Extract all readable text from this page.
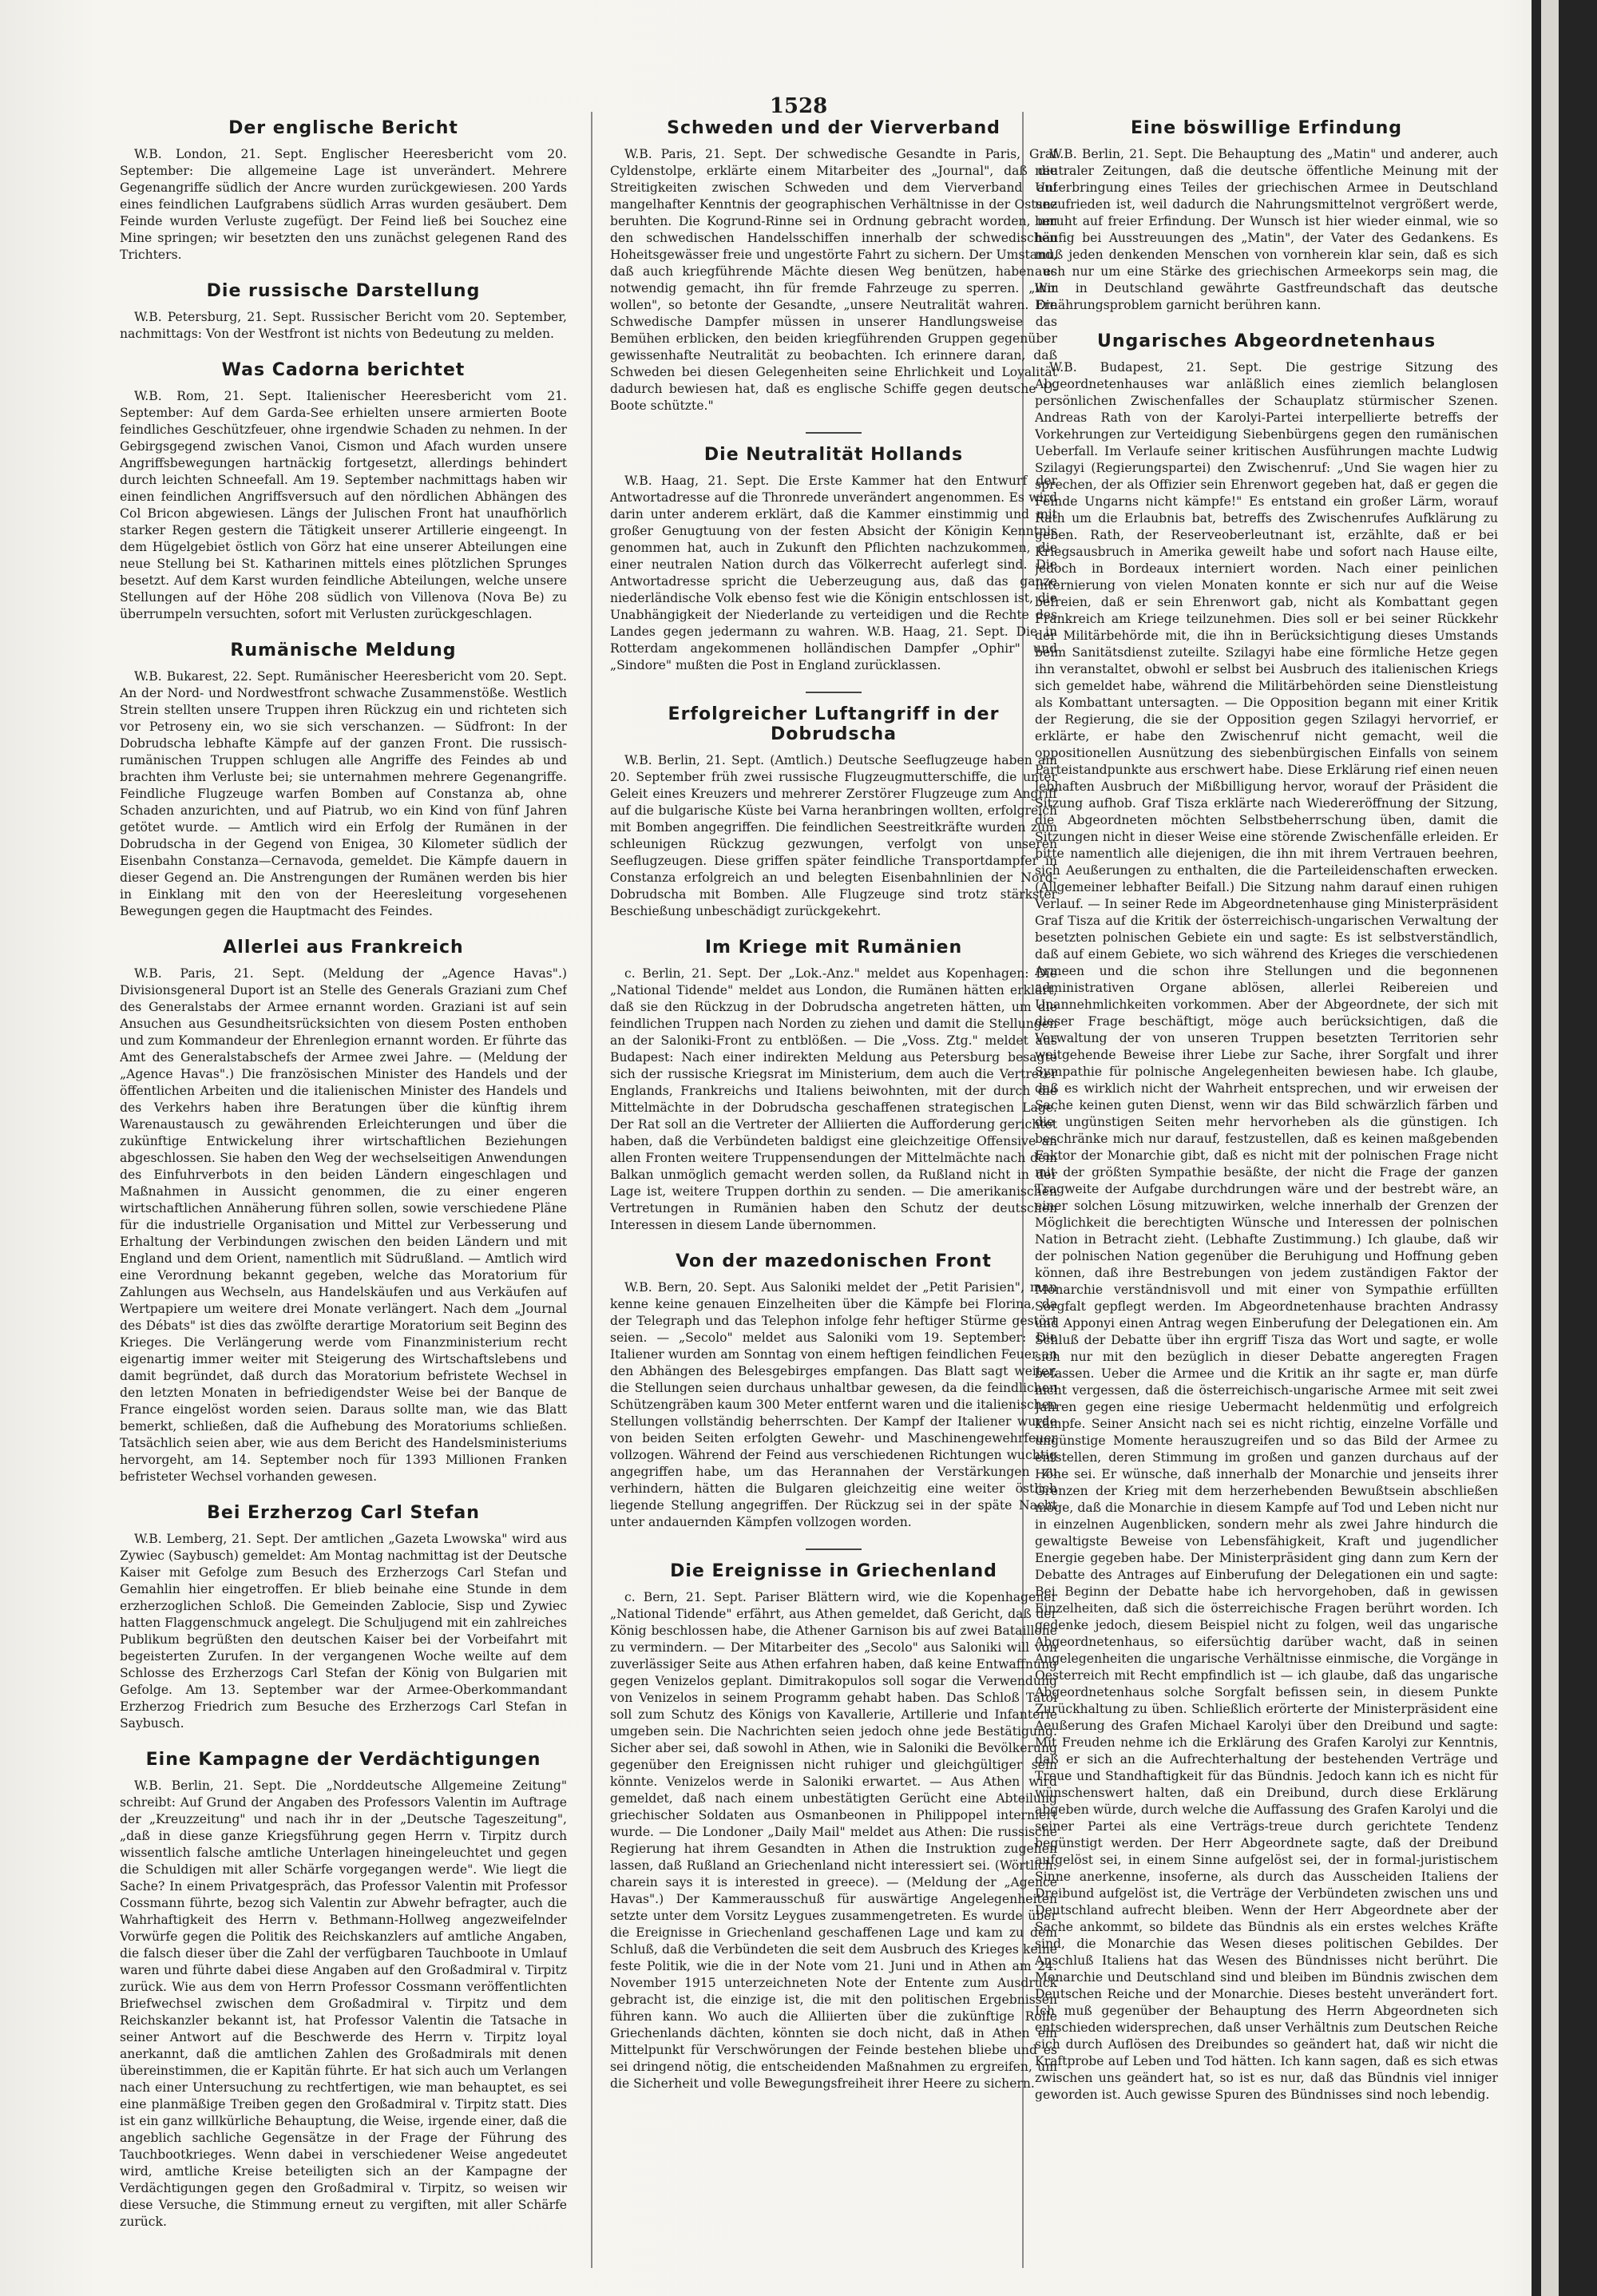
1528
Der englische Bericht

W.B. London, 21. Sept. Englischer Heeresbericht vom 20. September: Die allgemeine Lage ist unverändert. Mehrere Gegenangriffe südlich der Ancre wurden zurückgewiesen. 200 Yards eines feindlichen Laufgrabens südlich Arras wurden gesäubert. Dem Feinde wurden Verluste zugefügt. Der Feind ließ bei Souchez eine Mine springen; wir besetzten den uns zunächst gelegenen Rand des Trichters.

Die russische Darstellung

W.B. Petersburg, 21. Sept. Russischer Bericht vom 20. September, nachmittags: Von der Westfront ist nichts von Bedeutung zu melden.

Was Cadorna berichtet

W.B. Rom, 21. Sept. Italienischer Heeresbericht vom 21. September: Auf dem Garda-See erhielten unsere armierten Boote feindliches Geschützfeuer, ohne irgendwie Schaden zu nehmen. In der Gebirgsgegend zwischen Vanoi, Cismon und Afach wurden unsere Angriffsbewegungen hartnäckig fortgesetzt, allerdings behindert durch leichten Schneefall. Am 19. September nachmittags haben wir einen feindlichen Angriffsversuch auf den nördlichen Abhängen des Col Bricon abgewiesen. Längs der Julischen Front hat unaufhörlich starker Regen gestern die Tätigkeit unserer Artillerie eingeengt. In dem Hügelgebiet östlich von Görz hat eine unserer Abteilungen eine neue Stellung bei St. Katharinen mittels eines plötzlichen Sprunges besetzt. Auf dem Karst wurden feindliche Abteilungen, welche unsere Stellungen auf der Höhe 208 südlich von Villenova (Nova Be) zu überrumpeln versuchten, sofort mit Verlusten zurückgeschlagen.

Rumänische Meldung

W.B. Bukarest, 22. Sept. Rumänischer Heeresbericht vom 20. Sept. An der Nord- und Nordwestfront schwache Zusammenstöße. Westlich Strein stellten unsere Truppen ihren Rückzug ein und richteten sich vor Petroseny ein, wo sie sich verschanzen. — Südfront: In der Dobrudscha lebhafte Kämpfe auf der ganzen Front. Die russisch-rumänischen Truppen schlugen alle Angriffe des Feindes ab und brachten ihm Verluste bei; sie unternahmen mehrere Gegenangriffe. Feindliche Flugzeuge warfen Bomben auf Constanza ab, ohne Schaden anzurichten, und auf Piatrub, wo ein Kind von fünf Jahren getötet wurde. — Amtlich wird ein Erfolg der Rumänen in der Dobrudscha in der Gegend von Enigea, 30 Kilometer südlich der Eisenbahn Constanza—Cernavoda, gemeldet. Die Kämpfe dauern in dieser Gegend an. Die Anstrengungen der Rumänen werden bis hier in Einklang mit den von der Heeresleitung vorgesehenen Bewegungen gegen die Hauptmacht des Feindes.

Allerlei aus Frankreich

W.B. Paris, 21. Sept. (Meldung der „Agence Havas".) Divisionsgeneral Duport ist an Stelle des Generals Graziani zum Chef des Generalstabs der Armee ernannt worden. Graziani ist auf sein Ansuchen aus Gesundheitsrücksichten von diesem Posten enthoben und zum Kommandeur der Ehrenlegion ernannt worden. Er führte das Amt des Generalstabschefs der Armee zwei Jahre. — (Meldung der „Agence Havas".) Die französischen Minister des Handels und der öffentlichen Arbeiten und die italienischen Minister des Handels und des Verkehrs haben ihre Beratungen über die künftig ihrem Warenaustausch zu gewährenden Erleichterungen und über die zukünftige Entwickelung ihrer wirtschaftlichen Beziehungen abgeschlossen. Sie haben den Weg der wechselseitigen Anwendungen des Einfuhrverbots in den beiden Ländern eingeschlagen und Maßnahmen in Aussicht genommen, die zu einer engeren wirtschaftlichen Annäherung führen sollen, sowie verschiedene Pläne für die industrielle Organisation und Mittel zur Verbesserung und Erhaltung der Verbindungen zwischen den beiden Ländern und mit England und dem Orient, namentlich mit Südrußland. — Amtlich wird eine Verordnung bekannt gegeben, welche das Moratorium für Zahlungen aus Wechseln, aus Handelskäufen und aus Verkäufen auf Wertpapiere um weitere drei Monate verlängert. Nach dem „Journal des Débats" ist dies das zwölfte derartige Moratorium seit Beginn des Krieges. Die Verlängerung werde vom Finanzministerium recht eigenartig immer weiter mit Steigerung des Wirtschaftslebens und damit begründet, daß durch das Moratorium befristete Wechsel in den letzten Monaten in befriedigendster Weise bei der Banque de France eingelöst worden seien. Daraus sollte man, wie das Blatt bemerkt, schließen, daß die Aufhebung des Moratoriums schließen. Tatsächlich seien aber, wie aus dem Bericht des Handelsministeriums hervorgeht, am 14. September noch für 1393 Millionen Franken befristeter Wechsel vorhanden gewesen.

Bei Erzherzog Carl Stefan

W.B. Lemberg, 21. Sept. Der amtlichen „Gazeta Lwowska" wird aus Zywiec (Saybusch) gemeldet: Am Montag nachmittag ist der Deutsche Kaiser mit Gefolge zum Besuch des Erzherzogs Carl Stefan und Gemahlin hier eingetroffen. Er blieb beinahe eine Stunde in dem erzherzoglichen Schloß. Die Gemeinden Zablocie, Sisp und Zywiec hatten Flaggenschmuck angelegt. Die Schuljugend mit ein zahlreiches Publikum begrüßten den deutschen Kaiser bei der Vorbeifahrt mit begeisterten Zurufen. In der vergangenen Woche weilte auf dem Schlosse des Erzherzogs Carl Stefan der König von Bulgarien mit Gefolge. Am 13. September war der Armee-Oberkommandant Erzherzog Friedrich zum Besuche des Erzherzogs Carl Stefan in Saybusch.

Eine Kampagne der Verdächtigungen

W.B. Berlin, 21. Sept. Die „Norddeutsche Allgemeine Zeitung" schreibt: Auf Grund der Angaben des Professors Valentin im Auftrage der „Kreuzzeitung" und nach ihr in der „Deutsche Tageszeitung", „daß in diese ganze Kriegsführung gegen Herrn v. Tirpitz durch wissentlich falsche amtliche Unterlagen hineingeleuchtet und gegen die Schuldigen mit aller Schärfe vorgegangen werde". Wie liegt die Sache? In einem Privatgespräch, das Professor Valentin mit Professor Cossmann führte, bezog sich Valentin zur Abwehr befragter, auch die Wahrhaftigkeit des Herrn v. Bethmann-Hollweg angezweifelnder Vorwürfe gegen die Politik des Reichskanzlers auf amtliche Angaben, die falsch dieser über die Zahl der verfügbaren Tauchboote in Umlauf waren und führte dabei diese Angaben auf den Großadmiral v. Tirpitz zurück. Wie aus dem von Herrn Professor Cossmann veröffentlichten Briefwechsel zwischen dem Großadmiral v. Tirpitz und dem Reichskanzler bekannt ist, hat Professor Valentin die Tatsache in seiner Antwort auf die Beschwerde des Herrn v. Tirpitz loyal anerkannt, daß die amtlichen Zahlen des Großadmirals mit denen übereinstimmen, die er Kapitän führte. Er hat sich auch um Verlangen nach einer Untersuchung zu rechtfertigen, wie man behauptet, es sei eine planmäßige Treiben gegen den Großadmiral v. Tirpitz statt. Dies ist ein ganz willkürliche Behauptung, die Weise, irgende einer, daß die angeblich sachliche Gegensätze in der Frage der Führung des Tauchbootkrieges. Wenn dabei in verschiedener Weise angedeutet wird, amtliche Kreise beteiligten sich an der Kampagne der Verdächtigungen gegen den Großadmiral v. Tirpitz, so weisen wir diese Versuche, die Stimmung erneut zu vergiften, mit aller Schärfe zurück.

Schweden und der Vierverband

W.B. Paris, 21. Sept. Der schwedische Gesandte in Paris, Graf Cyldenstolpe, erklärte einem Mitarbeiter des „Journal", daß die Streitigkeiten zwischen Schweden und dem Vierverband auf mangelhafter Kenntnis der geographischen Verhältnisse in der Ostsee beruhten. Die Kogrund-Rinne sei in Ordnung gebracht worden, um den schwedischen Handelsschiffen innerhalb der schwedischen Hoheitsgewässer freie und ungestörte Fahrt zu sichern. Der Umstand, daß auch kriegführende Mächte diesen Weg benützen, haben es notwendig gemacht, ihn für fremde Fahrzeuge zu sperren. „Wir wollen", so betonte der Gesandte, „unsere Neutralität wahren. Die Schwedische Dampfer müssen in unserer Handlungsweise das Bemühen erblicken, den beiden kriegführenden Gruppen gegenüber gewissenhafte Neutralität zu beobachten. Ich erinnere daran, daß Schweden bei diesen Gelegenheiten seine Ehrlichkeit und Loyalität dadurch bewiesen hat, daß es englische Schiffe gegen deutsche U-Boote schützte."

Die Neutralität Hollands

W.B. Haag, 21. Sept. Die Erste Kammer hat den Entwurf der Antwortadresse auf die Thronrede unverändert angenommen. Es wird darin unter anderem erklärt, daß die Kammer einstimmig und mit großer Genugtuung von der festen Absicht der Königin Kenntnis genommen hat, auch in Zukunft den Pflichten nachzukommen, die einer neutralen Nation durch das Völkerrecht auferlegt sind. Die Antwortadresse spricht die Ueberzeugung aus, daß das ganze niederländische Volk ebenso fest wie die Königin entschlossen ist, die Unabhängigkeit der Niederlande zu verteidigen und die Rechte des Landes gegen jedermann zu wahren. W.B. Haag, 21. Sept. Die in Rotterdam angekommenen holländischen Dampfer „Ophir" und „Sindore" mußten die Post in England zurücklassen.

Erfolgreicher Luftangriff in der Dobrudscha

W.B. Berlin, 21. Sept. (Amtlich.) Deutsche Seeflugzeuge haben am 20. September früh zwei russische Flugzeugmutterschiffe, die unter Geleit eines Kreuzers und mehrerer Zerstörer Flugzeuge zum Angriff auf die bulgarische Küste bei Varna heranbringen wollten, erfolgreich mit Bomben angegriffen. Die feindlichen Seestreitkräfte wurden zum schleunigen Rückzug gezwungen, verfolgt von unseren Seeflugzeugen. Diese griffen später feindliche Transportdampfer in Constanza erfolgreich an und belegten Eisenbahnlinien der Nord-Dobrudscha mit Bomben. Alle Flugzeuge sind trotz stärkster Beschießung unbeschädigt zurückgekehrt.

Im Kriege mit Rumänien

c. Berlin, 21. Sept. Der „Lok.-Anz." meldet aus Kopenhagen: Die „National Tidende" meldet aus London, die Rumänen hätten erklärt, daß sie den Rückzug in der Dobrudscha angetreten hätten, um die feindlichen Truppen nach Norden zu ziehen und damit die Stellungen an der Saloniki-Front zu entblößen. — Die „Voss. Ztg." meldet aus Budapest: Nach einer indirekten Meldung aus Petersburg besagte sich der russische Kriegsrat im Ministerium, dem auch die Vertreter Englands, Frankreichs und Italiens beiwohnten, mit der durch die Mittelmächte in der Dobrudscha geschaffenen strategischen Lage. Der Rat soll an die Vertreter der Alliierten die Aufforderung gerichtet haben, daß die Verbündeten baldigst eine gleichzeitige Offensive an allen Fronten weitere Truppensendungen der Mittelmächte nach dem Balkan unmöglich gemacht werden sollen, da Rußland nicht in der Lage ist, weitere Truppen dorthin zu senden. — Die amerikanischen Vertretungen in Rumänien haben den Schutz der deutschen Interessen in diesem Lande übernommen.

Von der mazedonischen Front

W.B. Bern, 20. Sept. Aus Saloniki meldet der „Petit Parisien", man kenne keine genauen Einzelheiten über die Kämpfe bei Florina, da der Telegraph und das Telephon infolge fehr heftiger Stürme gestört seien. — „Secolo" meldet aus Saloniki vom 19. September: Die Italiener wurden am Sonntag von einem heftigen feindlichen Feuer an den Abhängen des Belesgebirges empfangen. Das Blatt sagt weiter, die Stellungen seien durchaus unhaltbar gewesen, da die feindlichen Schützengräben kaum 300 Meter entfernt waren und die italienischen Stellungen vollständig beherrschten. Der Kampf der Italiener wurde von beiden Seiten erfolgten Gewehr- und Maschinengewehrfeuer vollzogen. Während der Feind aus verschiedenen Richtungen wuchtig angegriffen habe, um das Herannahen der Verstärkungen zu verhindern, hätten die Bulgaren gleichzeitig eine weiter östlich liegende Stellung angegriffen. Der Rückzug sei in der späte Nacht unter andauernden Kämpfen vollzogen worden.

Die Ereignisse in Griechenland

c. Bern, 21. Sept. Pariser Blättern wird, wie die Kopenhagener „National Tidende" erfährt, aus Athen gemeldet, daß Gericht, daß der König beschlossen habe, die Athener Garnison bis auf zwei Bataillone zu vermindern. — Der Mitarbeiter des „Secolo" aus Saloniki will von zuverlässiger Seite aus Athen erfahren haben, daß keine Entwaffnung gegen Venizelos geplant. Dimitrakopulos soll sogar die Verwendung von Venizelos in seinem Programm gehabt haben. Das Schloß Tatoi soll zum Schutz des Königs von Kavallerie, Artillerie und Infanterie umgeben sein. Die Nachrichten seien jedoch ohne jede Bestätigung. Sicher aber sei, daß sowohl in Athen, wie in Saloniki die Bevölkerung gegenüber den Ereignissen nicht ruhiger und gleichgültiger sein könnte. Venizelos werde in Saloniki erwartet. — Aus Athen wird gemeldet, daß nach einem unbestätigten Gerücht eine Abteilung griechischer Soldaten aus Osmanbeonen in Philippopel interniert wurde. — Die Londoner „Daily Mail" meldet aus Athen: Die russische Regierung hat ihrem Gesandten in Athen die Instruktion zugehen lassen, daß Rußland an Griechenland nicht interessiert sei. (Wörtlich: charein says it is interested in greece). — (Meldung der „Agence Havas".) Der Kammerausschuß für auswärtige Angelegenheiten setzte unter dem Vorsitz Leygues zusammengetreten. Es wurde über die Ereignisse in Griechenland geschaffenen Lage und kam zu dem Schluß, daß die Verbündeten die seit dem Ausbruch des Krieges keine feste Politik, wie die in der Note vom 21. Juni und in Athen am 24. November 1915 unterzeichneten Note der Entente zum Ausdruck gebracht ist, die einzige ist, die mit den politischen Ergebnissen führen kann. Wo auch die Alliierten über die zukünftige Rolle Griechenlands dächten, könnten sie doch nicht, daß in Athen ein Mittelpunkt für Verschwörungen der Feinde bestehen bliebe und es sei dringend nötig, die entscheidenden Maßnahmen zu ergreifen, um die Sicherheit und volle Bewegungsfreiheit ihrer Heere zu sichern.

Eine böswillige Erfindung

W.B. Berlin, 21. Sept. Die Behauptung des „Matin" und anderer, auch neutraler Zeitungen, daß die deutsche öffentliche Meinung mit der Unterbringung eines Teiles der griechischen Armee in Deutschland unzufrieden ist, weil dadurch die Nahrungsmittelnot vergrößert werde, beruht auf freier Erfindung. Der Wunsch ist hier wieder einmal, wie so häufig bei Ausstreuungen des „Matin", der Vater des Gedankens. Es muß jeden denkenden Menschen von vornherein klar sein, daß es sich auch nur um eine Stärke des griechischen Armeekorps sein mag, die ihm in Deutschland gewährte Gastfreundschaft das deutsche Ernährungsproblem garnicht berühren kann.

Ungarisches Abgeordnetenhaus

W.B. Budapest, 21. Sept. Die gestrige Sitzung des Abgeordnetenhauses war anläßlich eines ziemlich belanglosen persönlichen Zwischenfalles der Schauplatz stürmischer Szenen. Andreas Rath von der Karolyi-Partei interpellierte betreffs der Vorkehrungen zur Verteidigung Siebenbürgens gegen den rumänischen Ueberfall. Im Verlaufe seiner kritischen Ausführungen machte Ludwig Szilagyi (Regierungspartei) den Zwischenruf: „Und Sie wagen hier zu sprechen, der als Offizier sein Ehrenwort gegeben hat, daß er gegen die Feinde Ungarns nicht kämpfe!" Es entstand ein großer Lärm, worauf Rath um die Erlaubnis bat, betreffs des Zwischenrufes Aufklärung zu geben. Rath, der Reserveoberleutnant ist, erzählte, daß er bei Kriegsausbruch in Amerika geweilt habe und sofort nach Hause eilte, jedoch in Bordeaux interniert worden. Nach einer peinlichen Internierung von vielen Monaten konnte er sich nur auf die Weise befreien, daß er sein Ehrenwort gab, nicht als Kombattant gegen Frankreich am Kriege teilzunehmen. Dies soll er bei seiner Rückkehr der Militärbehörde mit, die ihn in Berücksichtigung dieses Umstands beim Sanitätsdienst zuteilte. Szilagyi habe eine förmliche Hetze gegen ihn veranstaltet, obwohl er selbst bei Ausbruch des italienischen Kriegs sich gemeldet habe, während die Militärbehörden seine Dienstleistung als Kombattant untersagten. — Die Opposition begann mit einer Kritik der Regierung, die sie der Opposition gegen Szilagyi hervorrief, er erklärte, er habe den Zwischenruf nicht gemacht, weil die oppositionellen Ausnützung des siebenbürgischen Einfalls von seinem Parteistandpunkte aus erschwert habe. Diese Erklärung rief einen neuen lebhaften Ausbruch der Mißbilligung hervor, worauf der Präsident die Sitzung aufhob. Graf Tisza erklärte nach Wiedereröffnung der Sitzung, die Abgeordneten möchten Selbstbeherrschung üben, damit die Sitzungen nicht in dieser Weise eine störende Zwischenfälle erleiden. Er bitte namentlich alle diejenigen, die ihn mit ihrem Vertrauen beehren, sich Aeußerungen zu enthalten, die die Parteileidenschaften erwecken. (Allgemeiner lebhafter Beifall.) Die Sitzung nahm darauf einen ruhigen Verlauf. — In seiner Rede im Abgeordnetenhause ging Ministerpräsident Graf Tisza auf die Kritik der österreichisch-ungarischen Verwaltung der besetzten polnischen Gebiete ein und sagte: Es ist selbstverständlich, daß auf einem Gebiete, wo sich während des Krieges die verschiedenen Armeen und die schon ihre Stellungen und die begonnenen administrativen Organe ablösen, allerlei Reibereien und Unannehmlichkeiten vorkommen. Aber der Abgeordnete, der sich mit dieser Frage beschäftigt, möge auch berücksichtigen, daß die Verwaltung der von unseren Truppen besetzten Territorien sehr weitgehende Beweise ihrer Liebe zur Sache, ihrer Sorgfalt und ihrer Sympathie für polnische Angelegenheiten bewiesen habe. Ich glaube, daß es wirklich nicht der Wahrheit entsprechen, und wir erweisen der Sache keinen guten Dienst, wenn wir das Bild schwärzlich färben und die ungünstigen Seiten mehr hervorheben als die günstigen. Ich beschränke mich nur darauf, festzustellen, daß es keinen maßgebenden Faktor der Monarchie gibt, daß es nicht mit der polnischen Frage nicht mit der größten Sympathie besäßte, der nicht die Frage der ganzen Tragweite der Aufgabe durchdrungen wäre und der bestrebt wäre, an einer solchen Lösung mitzuwirken, welche innerhalb der Grenzen der Möglichkeit die berechtigten Wünsche und Interessen der polnischen Nation in Betracht zieht. (Lebhafte Zustimmung.) Ich glaube, daß wir der polnischen Nation gegenüber die Beruhigung und Hoffnung geben können, daß ihre Bestrebungen von jedem zuständigen Faktor der Monarchie verständnisvoll und mit einer von Sympathie erfüllten Sorgfalt gepflegt werden. Im Abgeordnetenhause brachten Andrassy und Apponyi einen Antrag wegen Einberufung der Delegationen ein. Am Schluß der Debatte über ihn ergriff Tisza das Wort und sagte, er wolle sich nur mit den bezüglich in dieser Debatte angeregten Fragen befassen. Ueber die Armee und die Kritik an ihr sagte er, man dürfe nicht vergessen, daß die österreichisch-ungarische Armee mit seit zwei Jahren gegen eine riesige Uebermacht heldenmütig und erfolgreich kämpfe. Seiner Ansicht nach sei es nicht richtig, einzelne Vorfälle und ungünstige Momente herauszugreifen und so das Bild der Armee zu entstellen, deren Stimmung im großen und ganzen durchaus auf der Höhe sei. Er wünsche, daß innerhalb der Monarchie und jenseits ihrer Grenzen der Krieg mit dem herzerhebenden Bewußtsein abschließen möge, daß die Monarchie in diesem Kampfe auf Tod und Leben nicht nur in einzelnen Augenblicken, sondern mehr als zwei Jahre hindurch die gewaltigste Beweise von Lebensfähigkeit, Kraft und jugendlicher Energie gegeben habe. Der Ministerpräsident ging dann zum Kern der Debatte des Antrages auf Einberufung der Delegationen ein und sagte: Bei Beginn der Debatte habe ich hervorgehoben, daß in gewissen Einzelheiten, daß sich die österreichische Fragen berührt worden. Ich gedenke jedoch, diesem Beispiel nicht zu folgen, weil das ungarische Abgeordnetenhaus, so eifersüchtig darüber wacht, daß in seinen Angelegenheiten die ungarische Verhältnisse einmische, die Vorgänge in Oesterreich mit Recht empfindlich ist — ich glaube, daß das ungarische Abgeordnetenhaus solche Sorgfalt befissen sein, in diesem Punkte Zurückhaltung zu üben. Schließlich erörterte der Ministerpräsident eine Aeußerung des Grafen Michael Karolyi über den Dreibund und sagte: Mit Freuden nehme ich die Erklärung des Grafen Karolyi zur Kenntnis, daß er sich an die Aufrechterhaltung der bestehenden Verträge und Treue und Standhaftigkeit für das Bündnis. Jedoch kann ich es nicht für wünschenswert halten, daß ein Dreibund, durch diese Erklärung abgeben würde, durch welche die Auffassung des Grafen Karolyi und die seiner Partei als eine Verträgs-treue durch gerichtete Tendenz begünstigt werden. Der Herr Abgeordnete sagte, daß der Dreibund aufgelöst sei, in einem Sinne aufgelöst sei, der in formal-juristischem Sinne anerkenne, insoferne, als durch das Ausscheiden Italiens der Dreibund aufgelöst ist, die Verträge der Verbündeten zwischen uns und Deutschland aufrecht bleiben. Wenn der Herr Abgeordnete aber der Sache ankommt, so bildete das Bündnis als ein erstes welches Kräfte sind, die Monarchie das Wesen dieses politischen Gebildes. Der Anschluß Italiens hat das Wesen des Bündnisses nicht berührt. Die Monarchie und Deutschland sind und bleiben im Bündnis zwischen dem Deutschen Reiche und der Monarchie. Dieses besteht unverändert fort. Ich muß gegenüber der Behauptung des Herrn Abgeordneten sich entschieden widersprechen, daß unser Verhältnis zum Deutschen Reiche sich durch Auflösen des Dreibundes so geändert hat, daß wir nicht die Kraftprobe auf Leben und Tod hätten. Ich kann sagen, daß es sich etwas zwischen uns geändert hat, so ist es nur, daß das Bündnis viel inniger geworden ist. Auch gewisse Spuren des Bündnisses sind noch lebendig.
